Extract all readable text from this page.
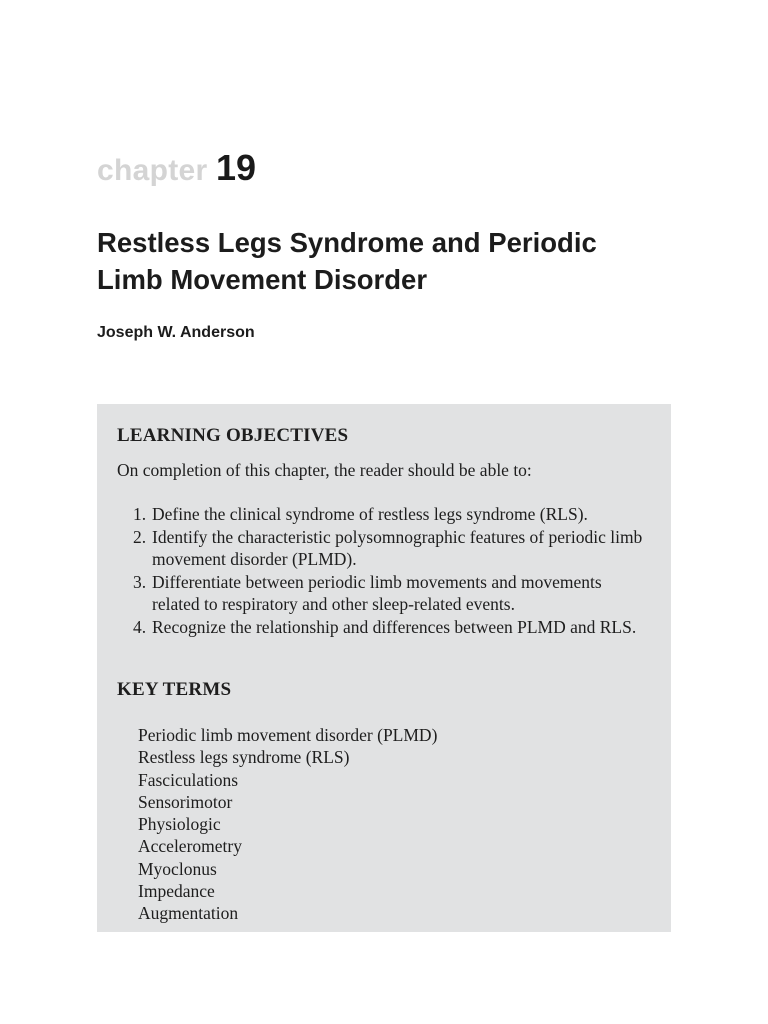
chapter 19
Restless Legs Syndrome and Periodic
Limb Movement Disorder
Joseph W. Anderson
LEARNING OBJECTIVES
On completion of this chapter, the reader should be able to:
1. Define the clinical syndrome of restless legs syndrome (RLS).
2. Identify the characteristic polysomnographic features of periodic limb movement disorder (PLMD).
3. Differentiate between periodic limb movements and movements related to respiratory and other sleep-related events.
4. Recognize the relationship and differences between PLMD and RLS.
KEY TERMS
Periodic limb movement disorder (PLMD)
Restless legs syndrome (RLS)
Fasciculations
Sensorimotor
Physiologic
Accelerometry
Myoclonus
Impedance
Augmentation
